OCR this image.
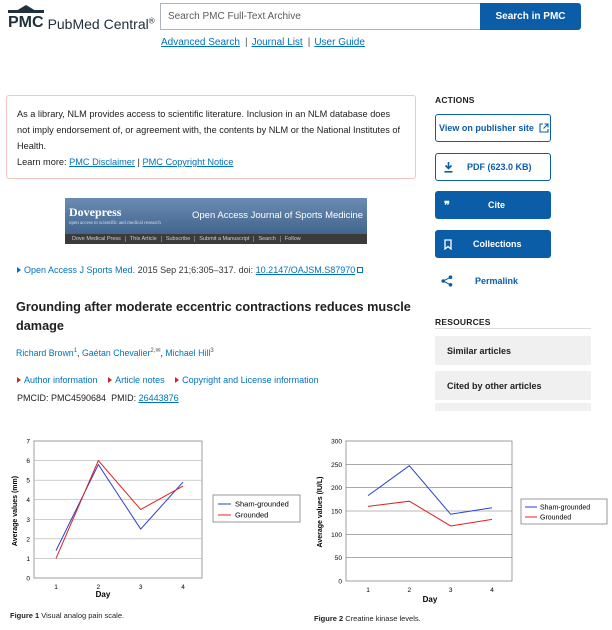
PMC PubMed Central®	Search PMC Full-Text Archive	Search in PMC
Advanced Search | Journal List | User Guide
As a library, NLM provides access to scientific literature. Inclusion in an NLM database does not imply endorsement of, or agreement with, the contents by NLM or the National Institutes of Health.
Learn more: PMC Disclaimer | PMC Copyright Notice
Dovepress
open access to scientific and medical research
Open Access Journal of Sports Medicine
Dove Medical Press	This Article	Subscribe	Submit a Manuscript	Search	Follow
Open Access J Sports Med. 2015 Sep 21;6:305–317. doi: 10.2147/OAJSM.S87970
Grounding after moderate eccentric contractions reduces muscle damage
Richard Brown$^1$, Gaétan Chevalier$^{2,✉}$, Michael Hill$^3$
Author information Article notes Copyright and License information
PMCID: PMC4590684 PMID: 26443876
ACTIONS
View on publisher site
PDF (623.0 KB)
❞	Cite
Collections
Permalink
RESOURCES
Similar articles
Cited by other articles
0
1
2
3
4
5
6
7
1	2	3	4
Day
Average values (mm)	Sham-grounded
Grounded
Figure 1 Visual analog pain scale.
0
50
100
150
200
250
300
1	2	3	4
Day
Average values (IU/L)	Sham-grounded
Grounded
Figure 2 Creatine kinase levels.
